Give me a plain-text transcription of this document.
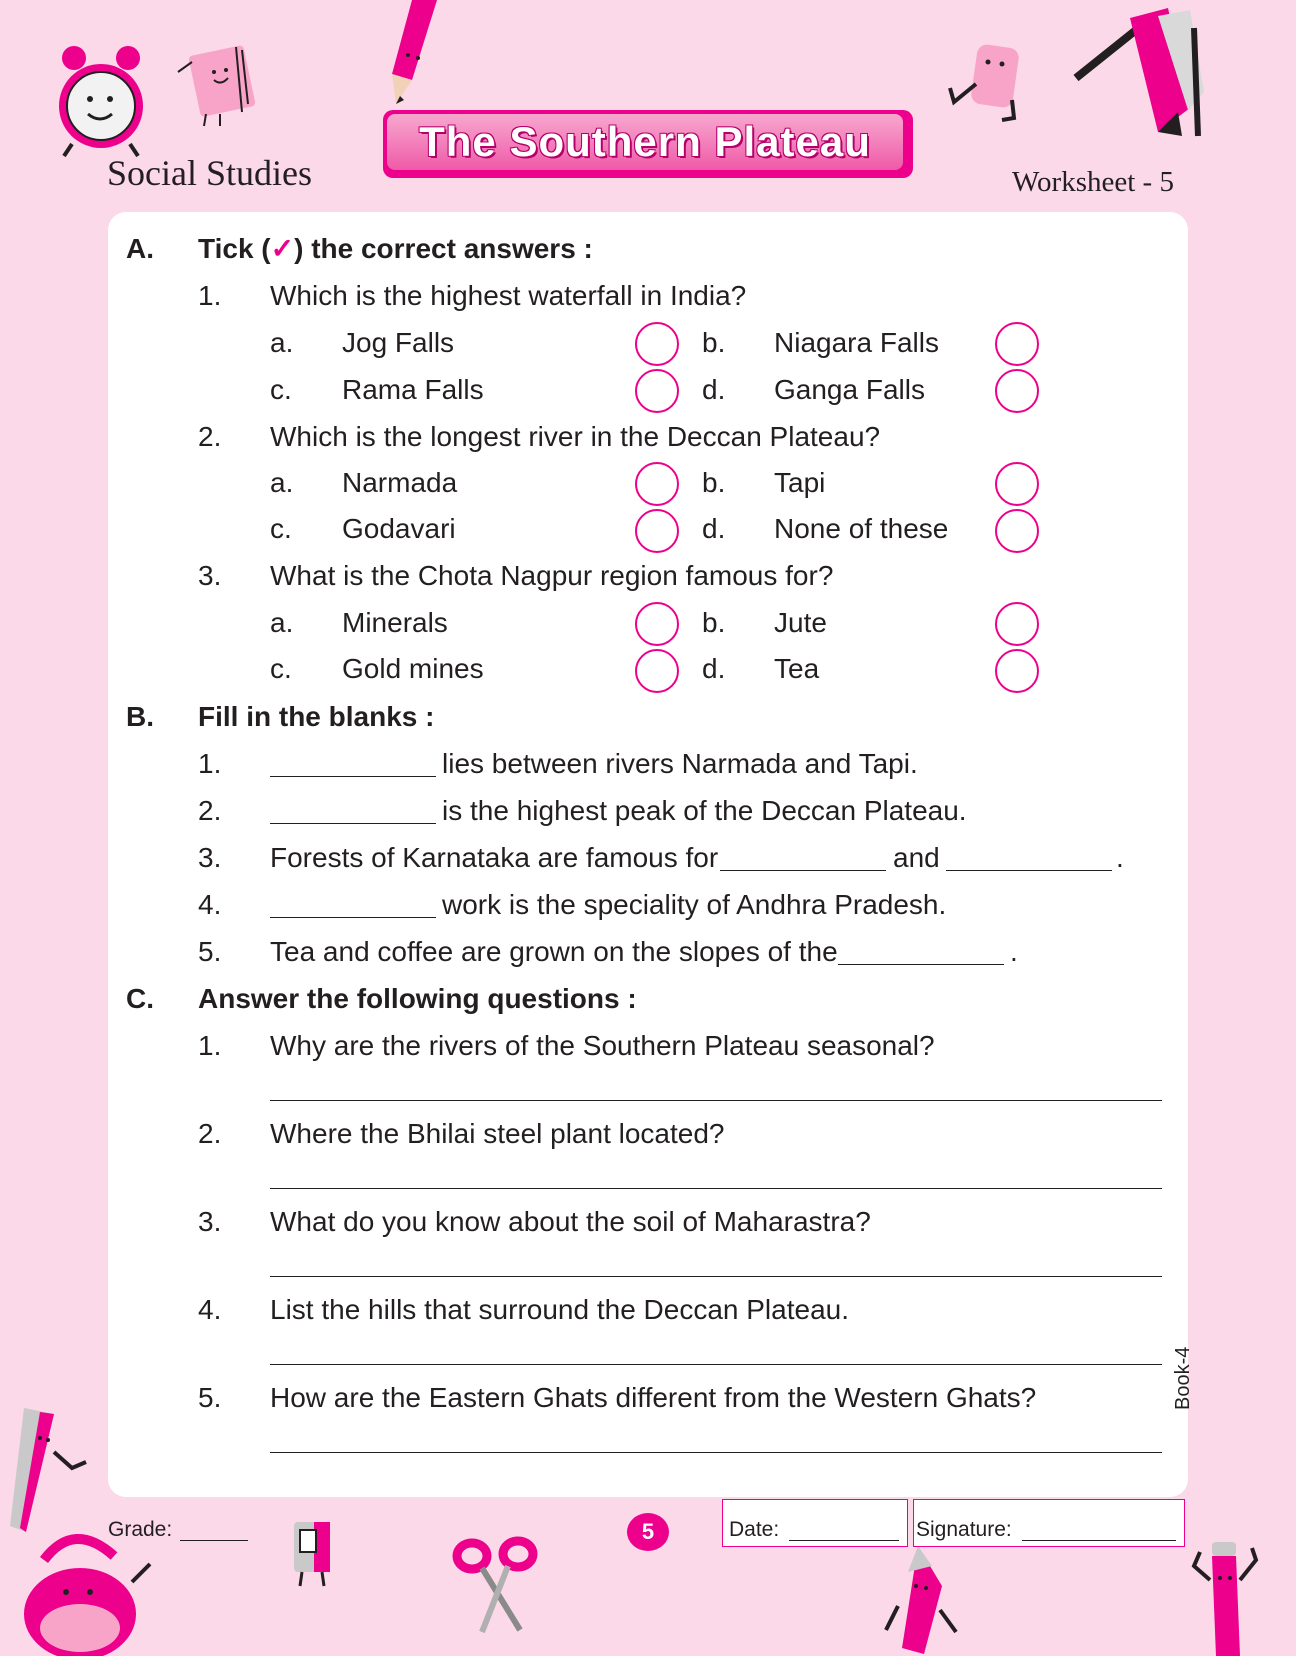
Social Studies
The Southern Plateau
Worksheet - 5
A. Tick (✓) the correct answers :
1. Which is the highest waterfall in India?
a. Jog Falls	b. Niagara Falls
c. Rama Falls	d. Ganga Falls
2. Which is the longest river in the Deccan Plateau?
a. Narmada	b. Tapi
c. Godavari	d. None of these
3. What is the Chota Nagpur region famous for?
a. Minerals	b. Jute
c. Gold mines	d. Tea
B. Fill in the blanks :
1.	lies between rivers Narmada and Tapi.
2.	is the highest peak of the Deccan Plateau.
3. Forests of Karnataka are famous for	and	.
4.	work is the speciality of Andhra Pradesh.
5. Tea and coffee are grown on the slopes of the	.
C. Answer the following questions :
1. Why are the rivers of the Southern Plateau seasonal?
2. Where the Bhilai steel plant located?
3. What do you know about the soil of Maharastra?
4. List the hills that surround the Deccan Plateau.
5. How are the Eastern Ghats different from the Western Ghats?
Grade:	5	Date:	Signature:
Book-4
